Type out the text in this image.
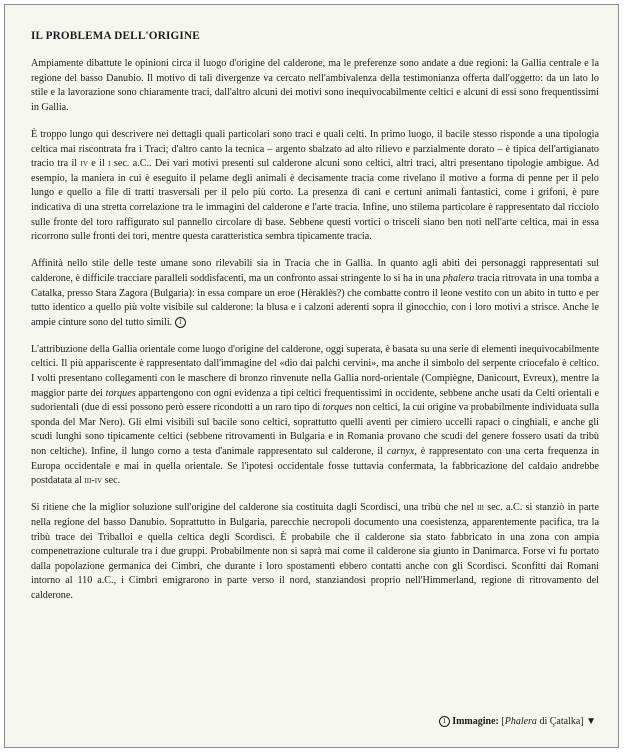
IL PROBLEMA DELL'ORIGINE

Ampiamente dibattute le opinioni circa il luogo d'origine del calderone, ma le preferenze sono andate a due regioni: la Gallia centrale e la regione del basso Danubio. Il motivo di tali divergenze va cercato nell'ambivalenza della testimonianza offerta dall'oggetto: da un lato lo stile e la lavorazione sono chiaramente traci, dall'altro alcuni dei motivi sono inequivocabilmente celtici e alcuni di essi sono frequentissimi in Gallia.

È troppo lungo qui descrivere nei dettagli quali particolari sono traci e quali celti. In primo luogo, il bacile stesso risponde a una tipologia celtica mai riscontrata fra i Traci; d'altro canto la tecnica – argento sbalzato ad alto rilievo e parzialmente dorato – è tipica dell'artigianato tracio tra il iv e il i sec. a.C.. Dei vari motivi presenti sul calderone alcuni sono celtici, altri traci, altri presentano tipologie ambigue. Ad esempio, la maniera in cui è eseguito il pelame degli animali è decisamente tracia come rivelano il motivo a forma di penne per il pelo lungo e quello a file di tratti trasversali per il pelo più corto. La presenza di cani e certuni animali fantastici, come i grifoni, è pure indicativa di una stretta correlazione tra le immagini del calderone e l'arte tracia. Infine, uno stilema particolare è rappresentato dal ricciolo sulle fronte del toro raffigurato sul pannello circolare di base. Sebbene questi vortici o trisceli siano ben noti nell'arte celtica, mai in essa ricorrono sulle fronti dei tori, mentre questa caratteristica sembra tipicamente tracia.

Affinità nello stile delle teste umane sono rilevabili sia in Tracia che in Gallia. In quanto agli abiti dei personaggi rappresentati sul calderone, è difficile tracciare paralleli soddisfacenti, ma un confronto assai stringente lo si ha in una phalera tracia ritrovata in una tomba a Catalka, presso Stara Zagora (Bulgaria): in essa compare un eroe (Hèraklès?) che combatte contro il leone vestito con un abito in tutto e per tutto identico a quello più volte visibile sul calderone: la blusa e i calzoni aderenti sopra il ginocchio, con i loro motivi a strisce. Anche le ampie cinture sono del tutto simili. 1

L'attribuzione della Gallia orientale come luogo d'origine del calderone, oggi superata, è basata su una serie di elementi inequivocabilmente celtici. Il più appariscente è rappresentato dall'immagine del «dio dai palchi cervini», ma anche il simbolo del serpente criocefalo è celtico. I volti presentano collegamenti con le maschere di bronzo rinvenute nella Gallia nord-orientale (Compiègne, Danicourt, Evreux), mentre la maggior parte dei torques appartengono con ogni evidenza a tipi celtici frequentissimi in occidente, sebbene anche usati da Celti orientali e sudorientali (due di essi possono però essere ricondotti a un raro tipo di torques non celtici, la cui origine va probabilmente individuata sulla sponda del Mar Nero). Gli elmi visibili sul bacile sono celtici, soprattutto quelli aventi per cimiero uccelli rapaci o cinghiali, e anche gli scudi lunghi sono tipicamente celtici (sebbene ritrovamenti in Bulgaria e in Romania provano che scudi del genere fossero usati da tribù non celtiche). Infine, il lungo corno a testa d'animale rappresentato sul calderone, il carnyx, è rappresentato con una certa frequenza in Europa occidentale e mai in quella orientale. Se l'ipotesi occidentale fosse tuttavia confermata, la fabbricazione del caldaio andrebbe postdatata al iii-iv sec.

Si ritiene che la miglior soluzione sull'origine del calderone sia costituita dagli Scordisci, una tribù che nel iii sec. a.C. si stanziò in parte nella regione del basso Danubio. Soprattutto in Bulgaria, parecchie necropoli documento una coesistenza, apparentemente pacifica, tra la tribù trace dei Triballoi e quella celtica degli Scordisci. È probabile che il calderone sia stato fabbricato in una zona con ampia compenetrazione culturale tra i due gruppi. Probabilmente non si saprà mai come il calderone sia giunto in Danimarca. Forse vi fu portato dalla popolazione germanica dei Cimbri, che durante i loro spostamenti ebbero contatti anche con gli Scordisci. Sconfitti dai Romani intorno al 110 a.C., i Cimbri emigrarono in parte verso il nord, stanziandosi proprio nell'Himmerland, regione di ritrovamento del calderone.

1 Immagine: [Phalera di Çatalka] ▼
